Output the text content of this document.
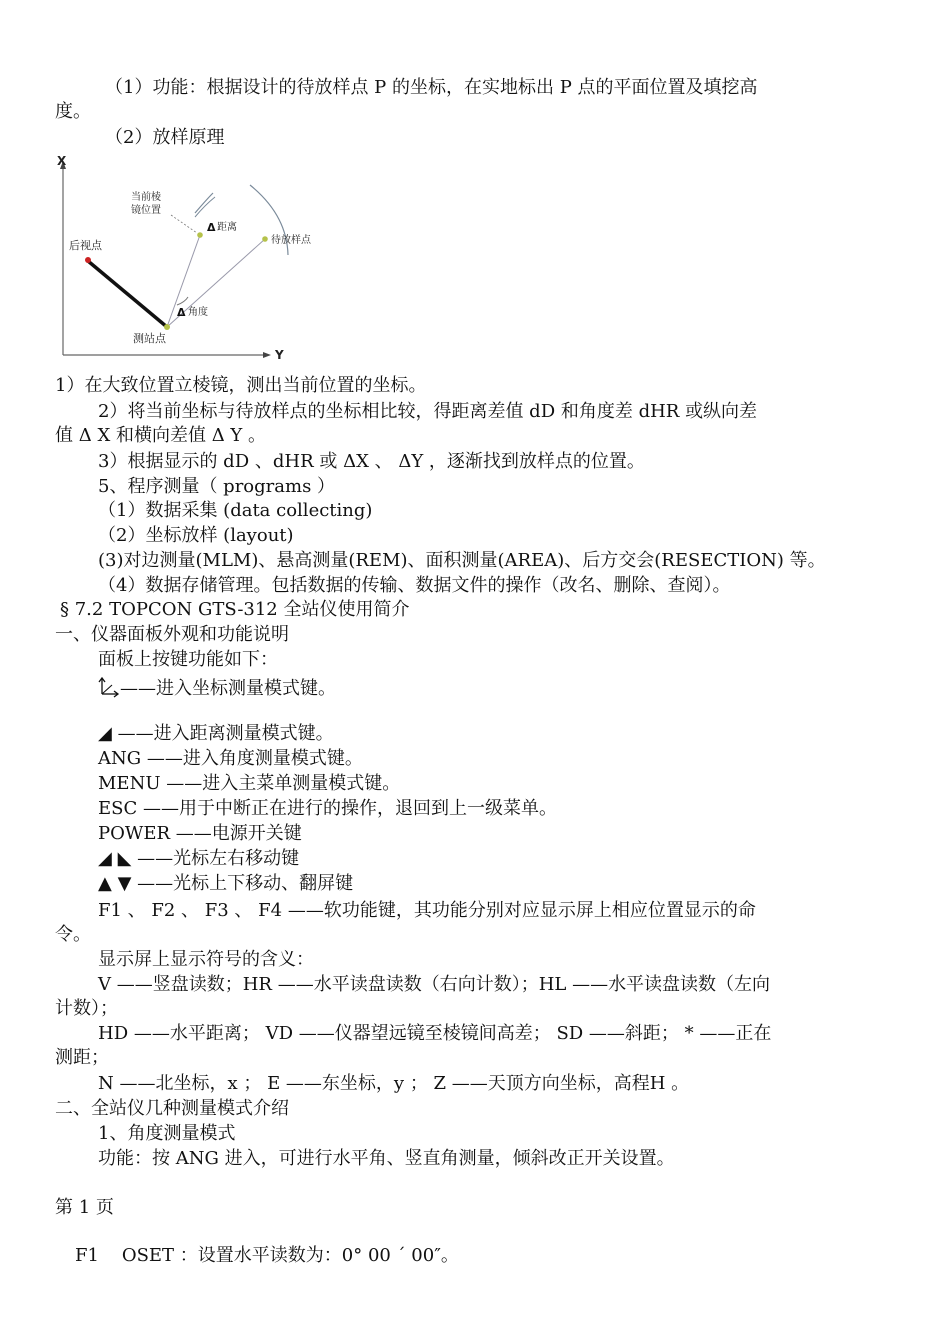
（1）功能：根据设计的待放样点 P 的坐标，在实地标出 P 点的平面位置及填挖高
度。
（2）放样原理
X
Y
当前棱
镜位置
Δ 距离
待放样点
后视点
Δ 角度
测站点
1）在大致位置立棱镜，测出当前位置的坐标。
2）将当前坐标与待放样点的坐标相比较，得距离差值 dD 和角度差 dHR 或纵向差
值 Δ X 和横向差值 Δ Y 。
3）根据显示的 dD 、dHR 或 ΔX 、 ΔY ，逐渐找到放样点的位置。
5、程序测量（ programs ）
（1）数据采集 (data collecting)
（2）坐标放样 (layout)
(3)对边测量(MLM)、悬高测量(REM)、面积测量(AREA)、后方交会(RESECTION) 等。
（4）数据存储管理。包括数据的传输、数据文件的操作（改名、删除、查阅）。
§ 7.2 TOPCON GTS-312 全站仪使用简介
一、仪器面板外观和功能说明
面板上按键功能如下：
——进入坐标测量模式键。
◢ ——进入距离测量模式键。
ANG ——进入角度测量模式键。
MENU ——进入主菜单测量模式键。
ESC ——用于中断正在进行的操作，退回到上一级菜单。
POWER ——电源开关键
◢ ◣ ——光标左右移动键
▲ ▼ ——光标上下移动、翻屏键
F1 、 F2 、 F3 、 F4 ——软功能键，其功能分别对应显示屏上相应位置显示的命
令。
显示屏上显示符号的含义：
V ——竖盘读数；HR ——水平读盘读数（右向计数）；HL ——水平读盘读数（左向
计数）；
HD ——水平距离； VD ——仪器望远镜至棱镜间高差； SD ——斜距； * ——正在
测距；
N ——北坐标，x ； E ——东坐标，y ； Z ——天顶方向坐标，高程H 。
二、全站仪几种测量模式介绍
1、角度测量模式
功能：按 ANG 进入，可进行水平角、竖直角测量，倾斜改正开关设置。
第 1 页
F1    OSET ：设置水平读数为：0° 00 ´ 00″。
